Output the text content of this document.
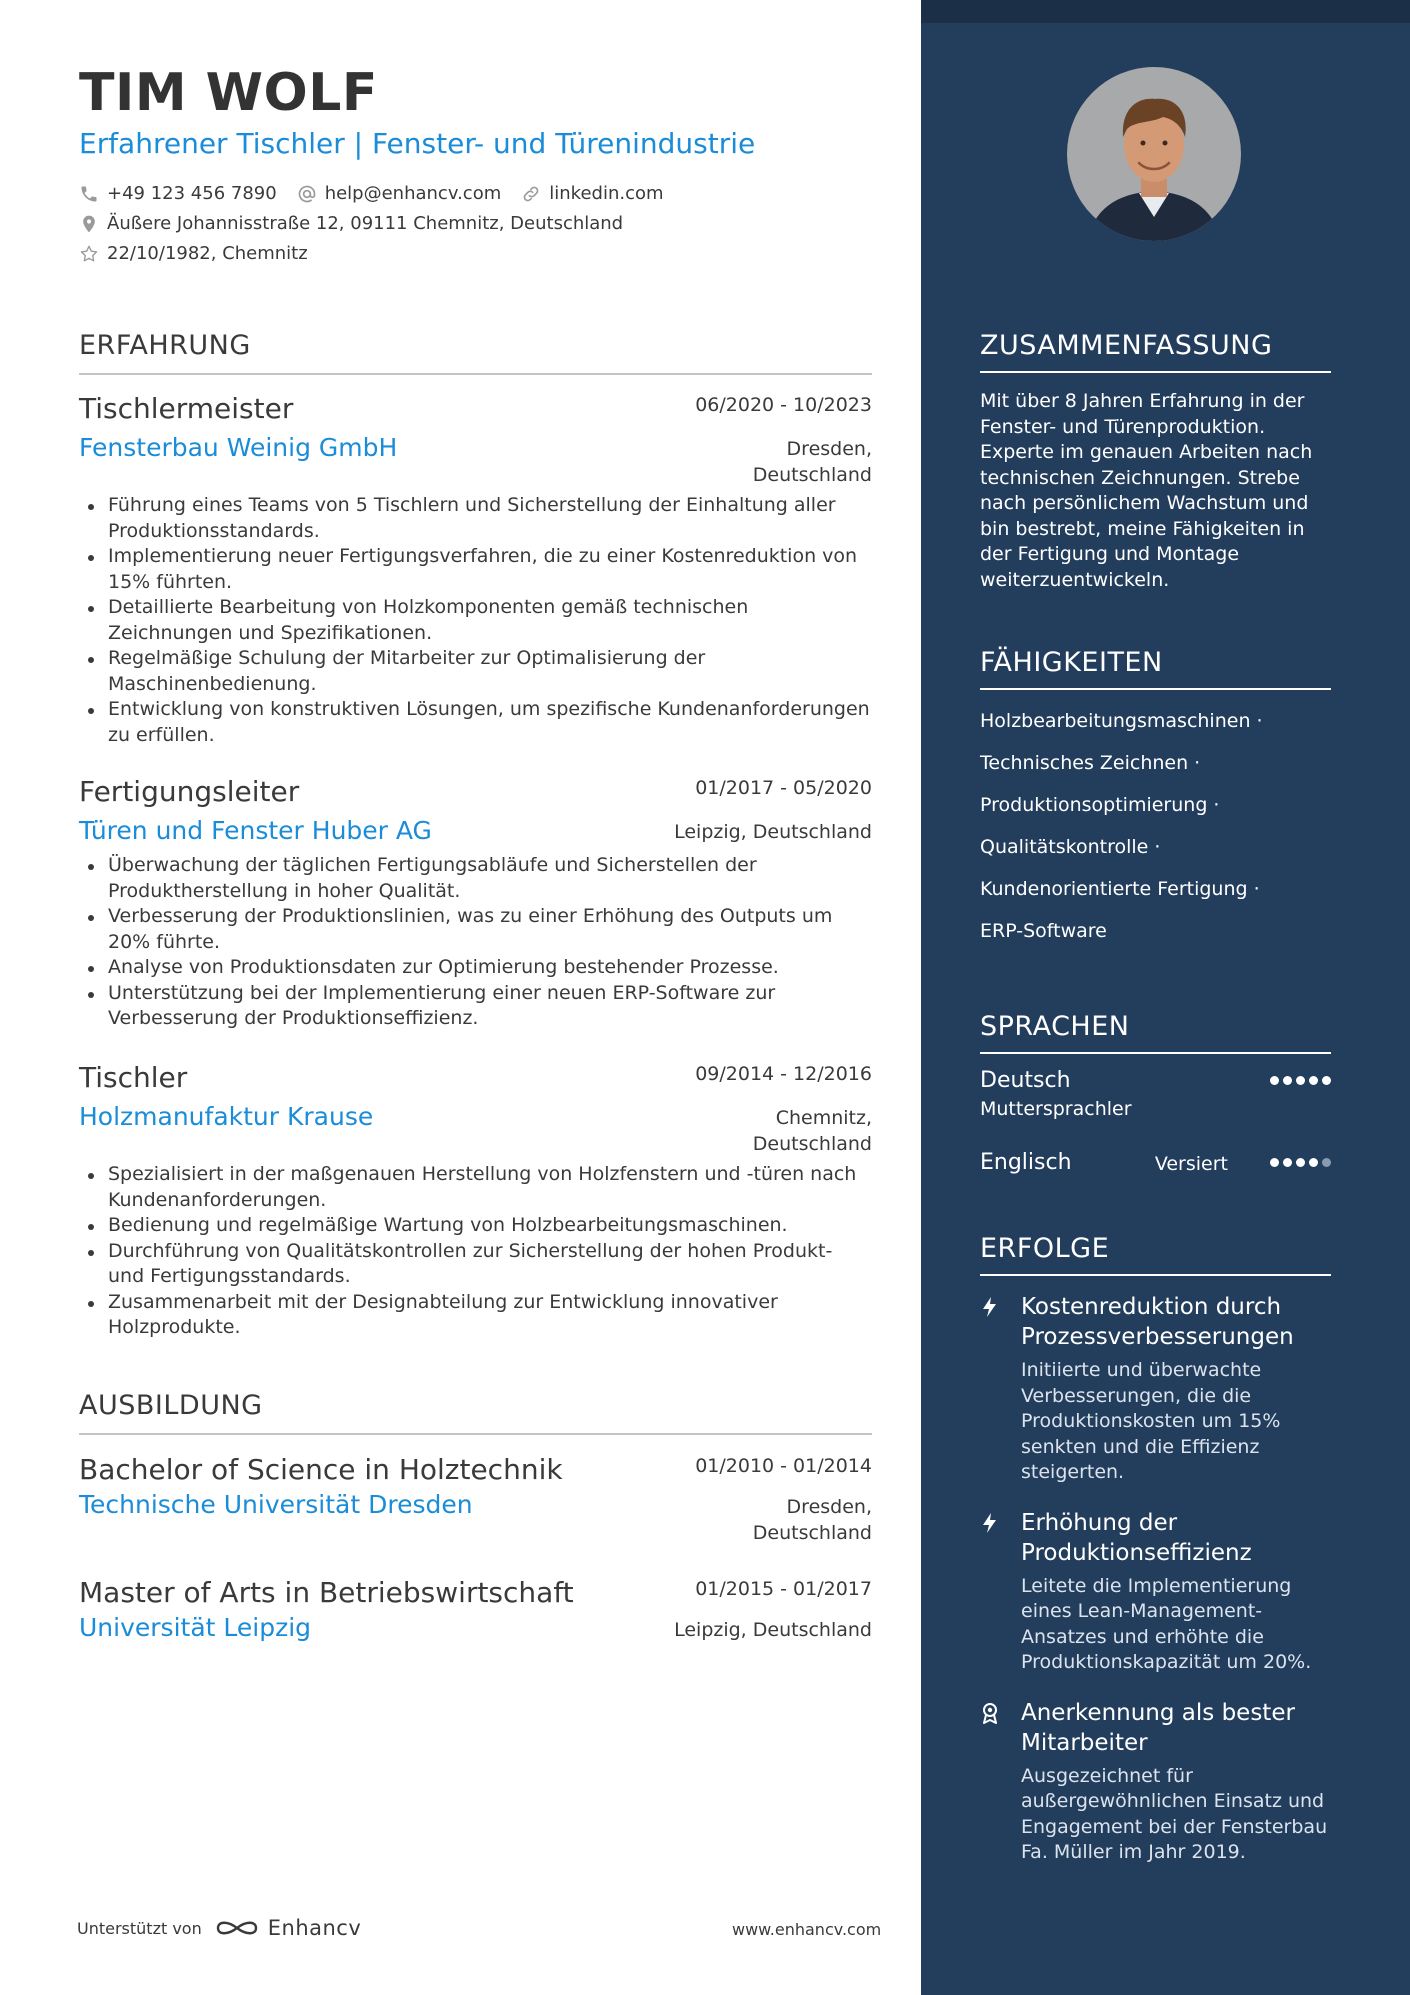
TIM WOLF
Erfahrener Tischler | Fenster- und Türenindustrie
+49 123 456 7890	help@enhancv.com	linkedin.com
Äußere Johannisstraße 12, 09111 Chemnitz, Deutschland
22/10/1982, Chemnitz
ERFAHRUNG
Tischlermeister	06/2020 - 10/2023
Fensterbau Weinig GmbH	Dresden,
Deutschland
Führung eines Teams von 5 Tischlern und Sicherstellung der Einhaltung aller Produktionsstandards.
Implementierung neuer Fertigungsverfahren, die zu einer Kostenreduktion von 15% führten.
Detaillierte Bearbeitung von Holzkomponenten gemäß technischen Zeichnungen und Spezifikationen.
Regelmäßige Schulung der Mitarbeiter zur Optimalisierung der Maschinenbedienung.
Entwicklung von konstruktiven Lösungen, um spezifische Kundenanforderungen zu erfüllen.
Fertigungsleiter	01/2017 - 05/2020
Türen und Fenster Huber AG	Leipzig, Deutschland
Überwachung der täglichen Fertigungsabläufe und Sicherstellen der Produktherstellung in hoher Qualität.
Verbesserung der Produktionslinien, was zu einer Erhöhung des Outputs um 20% führte.
Analyse von Produktionsdaten zur Optimierung bestehender Prozesse.
Unterstützung bei der Implementierung einer neuen ERP-Software zur Verbesserung der Produktionseffizienz.
Tischler	09/2014 - 12/2016
Holzmanufaktur Krause	Chemnitz,
Deutschland
Spezialisiert in der maßgenauen Herstellung von Holzfenstern und -türen nach Kundenanforderungen.
Bedienung und regelmäßige Wartung von Holzbearbeitungsmaschinen.
Durchführung von Qualitätskontrollen zur Sicherstellung der hohen Produkt- und Fertigungsstandards.
Zusammenarbeit mit der Designabteilung zur Entwicklung innovativer Holzprodukte.
AUSBILDUNG
Bachelor of Science in Holztechnik	01/2010 - 01/2014
Technische Universität Dresden	Dresden,
Deutschland
Master of Arts in Betriebswirtschaft	01/2015 - 01/2017
Universität Leipzig	Leipzig, Deutschland
Unterstützt von	Enhancv	www.enhancv.com
ZUSAMMENFASSUNG
Mit über 8 Jahren Erfahrung in der Fenster- und Türenproduktion. Experte im genauen Arbeiten nach technischen Zeichnungen. Strebe nach persönlichem Wachstum und bin bestrebt, meine Fähigkeiten in der Fertigung und Montage weiterzuentwickeln.
FÄHIGKEITEN
Holzbearbeitungsmaschinen ·
Technisches Zeichnen ·
Produktionsoptimierung ·
Qualitätskontrolle ·
Kundenorientierte Fertigung ·
ERP-Software
SPRACHEN
Deutsch
Muttersprachler
Englisch	Versiert
ERFOLGE
Kostenreduktion durch Prozessverbesserungen
Initiierte und überwachte Verbesserungen, die die Produktionskosten um 15% senkten und die Effizienz steigerten.
Erhöhung der Produktionseffizienz
Leitete die Implementierung eines Lean-Management-Ansatzes und erhöhte die Produktionskapazität um 20%.
Anerkennung als bester Mitarbeiter
Ausgezeichnet für außergewöhnlichen Einsatz und Engagement bei der Fensterbau Fa. Müller im Jahr 2019.
